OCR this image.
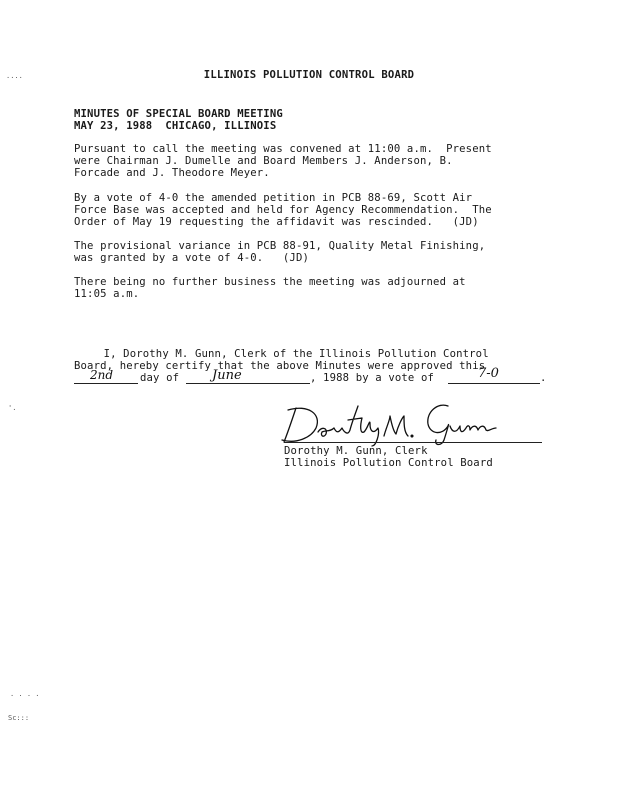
....
'.
. . . .
Sc:::
ILLINOIS POLLUTION CONTROL BOARD
MINUTES OF SPECIAL BOARD MEETING
MAY 23, 1988  CHICAGO, ILLINOIS
Pursuant to call the meeting was convened at 11:00 a.m.  Present
were Chairman J. Dumelle and Board Members J. Anderson, B.
Forcade and J. Theodore Meyer.
By a vote of 4-0 the amended petition in PCB 88-69, Scott Air
Force Base was accepted and held for Agency Recommendation.  The
Order of May 19 requesting the affidavit was rescinded.   (JD)
The provisional variance in PCB 88-91, Quality Metal Finishing,
was granted by a vote of 4-0.   (JD)
There being no further business the meeting was adjourned at
11:05 a.m.
I, Dorothy M. Gunn, Clerk of the Illinois Pollution Control
Board, hereby certify that the above Minutes were approved this
2nd	day of	June	, 1988 by a vote of	7-0	.
Dorothy M. Gunn, Clerk
Illinois Pollution Control Board
